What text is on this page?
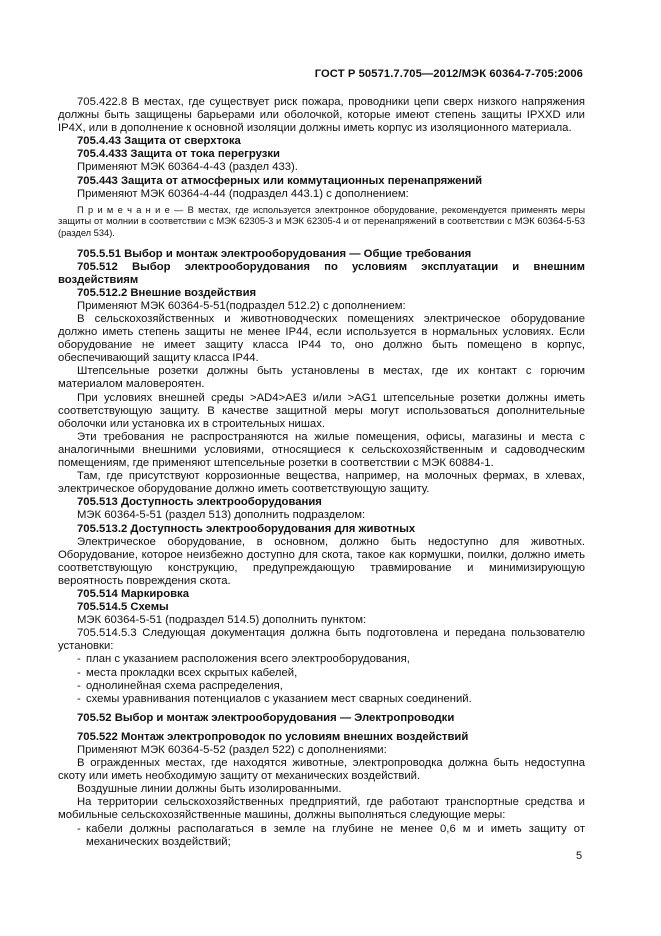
ГОСТ Р 50571.7.705—2012/МЭК 60364-7-705:2006

705.422.8 В местах, где существует риск пожара, проводники цепи сверх низкого напряжения должны быть защищены барьерами или оболочкой, которые имеют степень защиты IPXXD или IP4X, или в дополнение к основной изоляции должны иметь корпус из изоляционного материала.

705.4.43 Защита от сверхтока

705.4.433 Защита от тока перегрузки

Применяют МЭК 60364-4-43 (раздел 433).

705.443 Защита от атмосферных или коммутационных перенапряжений

Применяют МЭК 60364-4-44 (подраздел 443.1) с дополнением:

П р и м е ч а н и е — В местах, где используется электронное оборудование, рекомендуется применять меры защиты от молнии в соответствии с МЭК 62305-3 и МЭК 62305-4 и от перенапряжений в соответствии с МЭК 60364-5-53 (раздел 534).

705.5.51 Выбор и монтаж электрооборудования — Общие требования

705.512 Выбор электрооборудования по условиям эксплуатации и внешним воздействиям

705.512.2 Внешние воздействия

Применяют МЭК 60364-5-51(подраздел 512.2) с дополнением:

В сельскохозяйственных и животноводческих помещениях электрическое оборудование должно иметь степень защиты не менее IP44, если используется в нормальных условиях. Если оборудование не имеет защиту класса IP44 то, оно должно быть помещено в корпус, обеспечивающий защиту класса IP44.

Штепсельные розетки должны быть установлены в местах, где их контакт с горючим материалом маловероятен.

При условиях внешней среды >AD4>AE3 и/или >AG1 штепсельные розетки должны иметь соответствующую защиту. В качестве защитной меры могут использоваться дополнительные оболочки или установка их в строительных нишах.

Эти требования не распространяются на жилые помещения, офисы, магазины и места с аналогичными внешними условиями, относящиеся к сельскохозяйственным и садоводческим помещениям, где применяют штепсельные розетки в соответствии с МЭК 60884-1.

Там, где присутствуют коррозионные вещества, например, на молочных фермах, в хлевах, электрическое оборудование должно иметь соответствующую защиту.

705.513 Доступность электрооборудования

МЭК 60364-5-51 (раздел 513) дополнить подразделом:

705.513.2 Доступность электрооборудования для животных

Электрическое оборудование, в основном, должно быть недоступно для животных. Оборудование, которое неизбежно доступно для скота, такое как кормушки, поилки, должно иметь соответствующую конструкцию, предупреждающую травмирование и минимизирующую вероятность повреждения скота.

705.514 Маркировка

705.514.5 Схемы

МЭК 60364-5-51 (подраздел 514.5) дополнить пунктом:

705.514.5.3 Следующая документация должна быть подготовлена и передана пользователю установки:

- план с указанием расположения всего электрооборудования,

- места прокладки всех скрытых кабелей,

- однолинейная схема распределения,

- схемы уравнивания потенциалов с указанием мест сварных соединений.

705.52 Выбор и монтаж электрооборудования — Электропроводки

705.522 Монтаж электропроводок по условиям внешних воздействий

Применяют МЭК 60364-5-52 (раздел 522) с дополнениями:

В огражденных местах, где находятся животные, электропроводка должна быть недоступна скоту или иметь необходимую защиту от механических воздействий.

Воздушные линии должны быть изолированными.

На территории сельскохозяйственных предприятий, где работают транспортные средства и мобильные сельскохозяйственные машины, должны выполняться следующие меры:

- кабели должны располагаться в земле на глубине не менее 0,6 м и иметь защиту от механических воздействий;

5
